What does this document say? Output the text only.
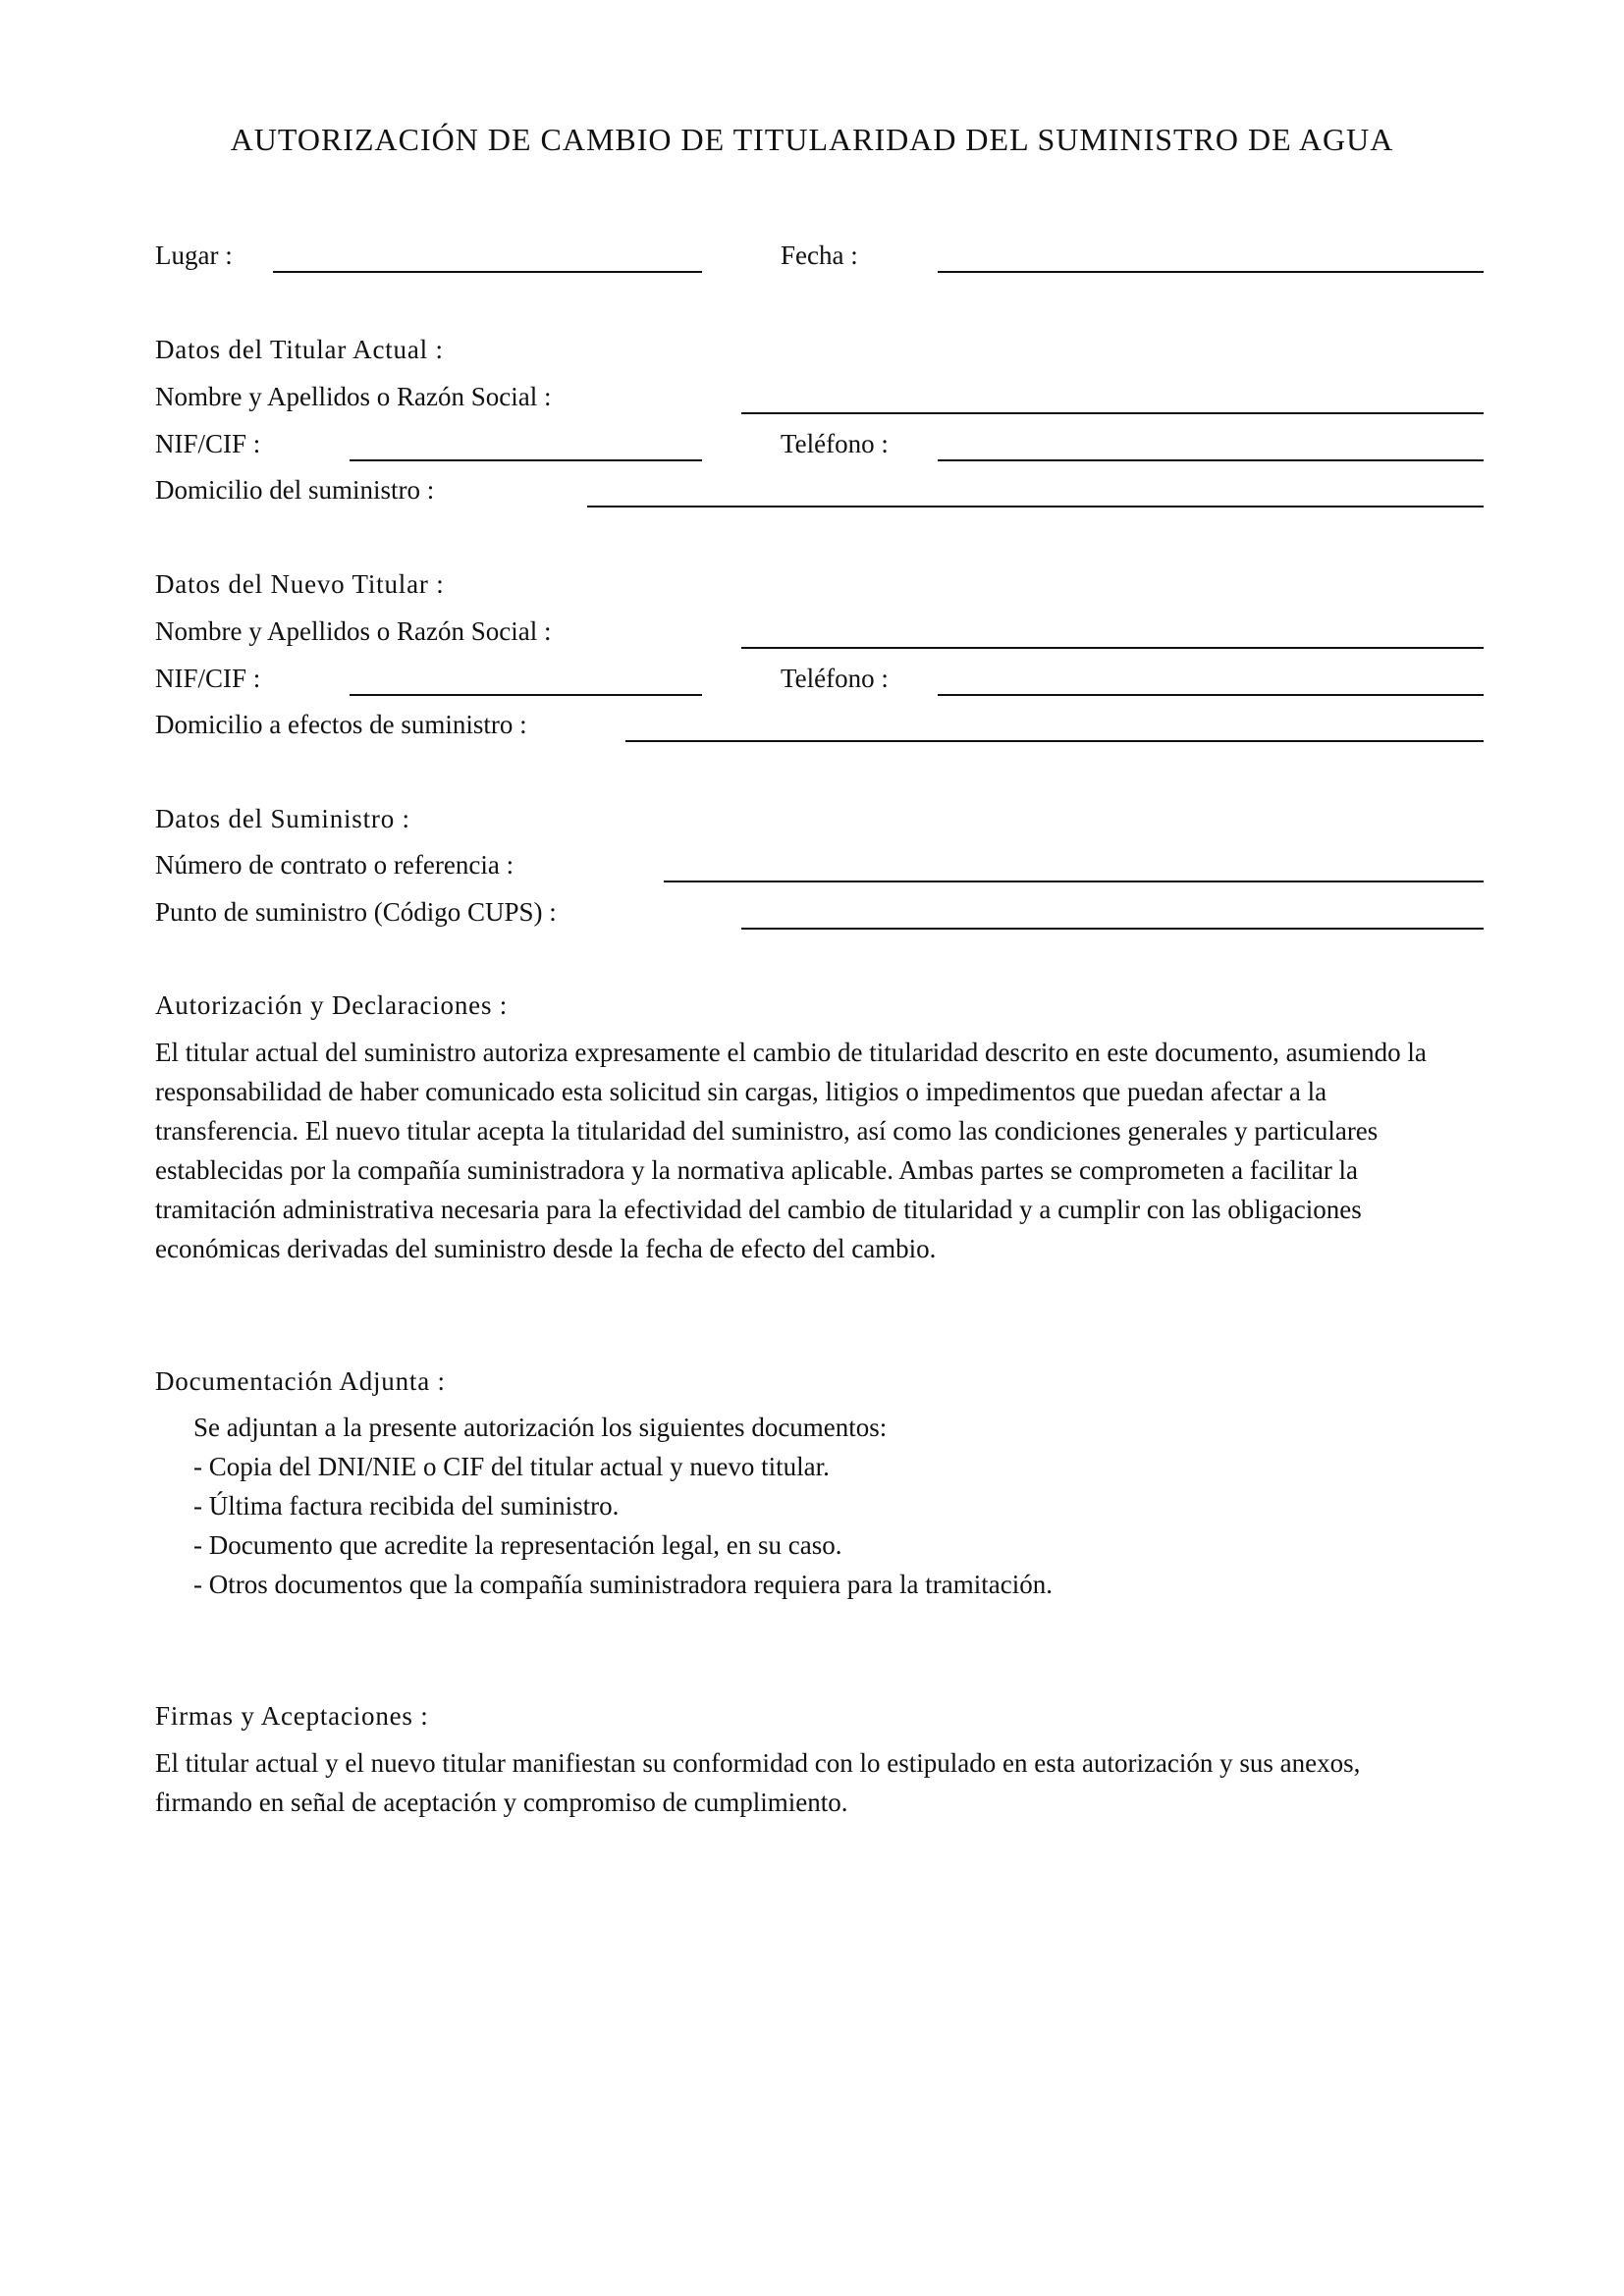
AUTORIZACIÓN DE CAMBIO DE TITULARIDAD DEL SUMINISTRO DE AGUA
Lugar :	Fecha :
Datos del Titular Actual :
Nombre y Apellidos o Razón Social :
NIF/CIF :	Teléfono :
Domicilio del suministro :
Datos del Nuevo Titular :
Nombre y Apellidos o Razón Social :
NIF/CIF :	Teléfono :
Domicilio a efectos de suministro :
Datos del Suministro :
Número de contrato o referencia :
Punto de suministro (Código CUPS) :
Autorización y Declaraciones :
El titular actual del suministro autoriza expresamente el cambio de titularidad descrito en este documento, asumiendo la
responsabilidad de haber comunicado esta solicitud sin cargas, litigios o impedimentos que puedan afectar a la
transferencia. El nuevo titular acepta la titularidad del suministro, así como las condiciones generales y particulares
establecidas por la compañía suministradora y la normativa aplicable. Ambas partes se comprometen a facilitar la
tramitación administrativa necesaria para la efectividad del cambio de titularidad y a cumplir con las obligaciones
económicas derivadas del suministro desde la fecha de efecto del cambio.
Documentación Adjunta :
Se adjuntan a la presente autorización los siguientes documentos:
- Copia del DNI/NIE o CIF del titular actual y nuevo titular.
- Última factura recibida del suministro.
- Documento que acredite la representación legal, en su caso.
- Otros documentos que la compañía suministradora requiera para la tramitación.
Firmas y Aceptaciones :
El titular actual y el nuevo titular manifiestan su conformidad con lo estipulado en esta autorización y sus anexos,
firmando en señal de aceptación y compromiso de cumplimiento.
